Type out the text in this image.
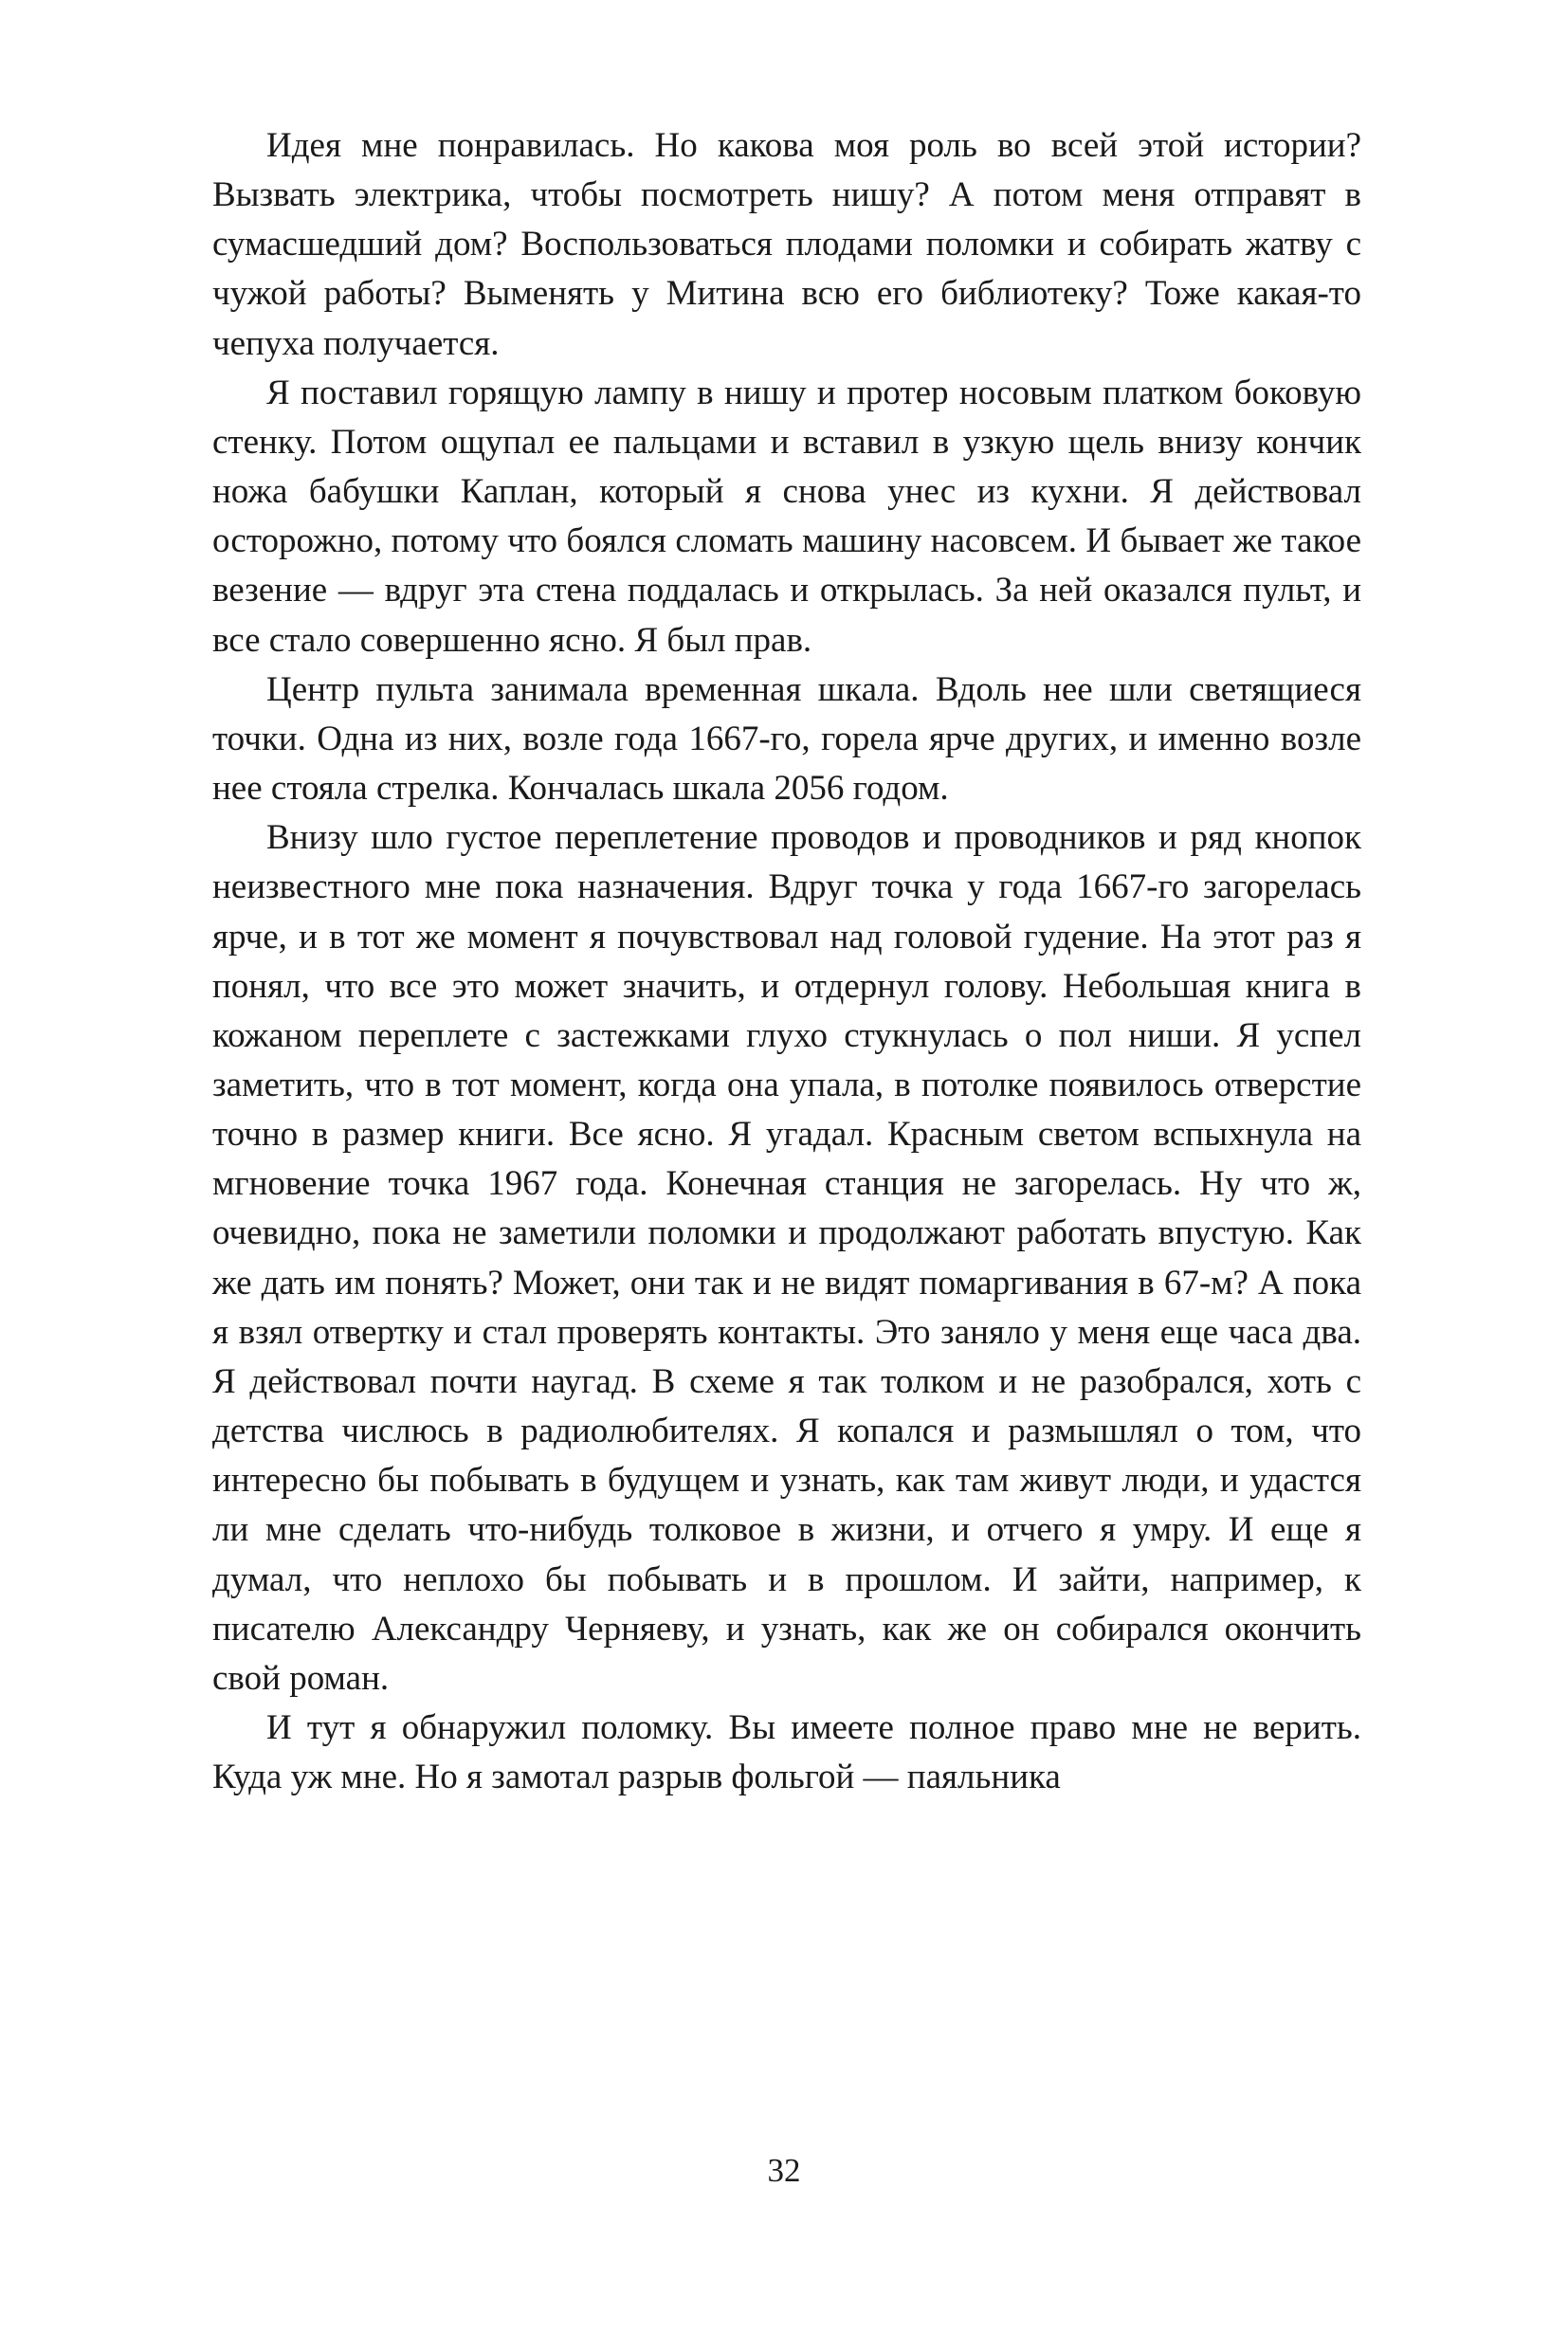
Идея мне понравилась. Но какова моя роль во всей этой истории? Вызвать электрика, чтобы посмотреть нишу? А потом меня отправят в сумасшедший дом? Воспользоваться плодами поломки и собирать жатву с чужой работы? Выменять у Митина всю его библиотеку? Тоже какая-то чепуха получается.

Я поставил горящую лампу в нишу и протер носовым платком боковую стенку. Потом ощупал ее пальцами и вставил в узкую щель внизу кончик ножа бабушки Каплан, который я снова унес из кухни. Я действовал осторожно, потому что боялся сломать машину насовсем. И бывает же такое везение — вдруг эта стена поддалась и открылась. За ней оказался пульт, и все стало совершенно ясно. Я был прав.

Центр пульта занимала временная шкала. Вдоль нее шли светящиеся точки. Одна из них, возле года 1667-го, горела ярче других, и именно возле нее стояла стрелка. Кончалась шкала 2056 годом.

Внизу шло густое переплетение проводов и проводников и ряд кнопок неизвестного мне пока назначения. Вдруг точка у года 1667-го загорелась ярче, и в тот же момент я почувствовал над головой гудение. На этот раз я понял, что все это может значить, и отдернул голову. Небольшая книга в кожаном переплете с застежками глухо стукнулась о пол ниши. Я успел заметить, что в тот момент, когда она упала, в потолке появилось отверстие точно в размер книги. Все ясно. Я угадал. Красным светом вспыхнула на мгновение точка 1967 года. Конечная станция не загорелась. Ну что ж, очевидно, пока не заметили поломки и продолжают работать впустую. Как же дать им понять? Может, они так и не видят помаргивания в 67-м? А пока я взял отвертку и стал проверять контакты. Это заняло у меня еще часа два. Я действовал почти наугад. В схеме я так толком и не разобрался, хоть с детства числюсь в радиолюбителях. Я копался и размышлял о том, что интересно бы побывать в будущем и узнать, как там живут люди, и удастся ли мне сделать что-нибудь толковое в жизни, и отчего я умру. И еще я думал, что неплохо бы побывать и в прошлом. И зайти, например, к писателю Александру Черняеву, и узнать, как же он собирался окончить свой роман.

И тут я обнаружил поломку. Вы имеете полное право мне не верить. Куда уж мне. Но я замотал разрыв фольгой — паяльника

32
